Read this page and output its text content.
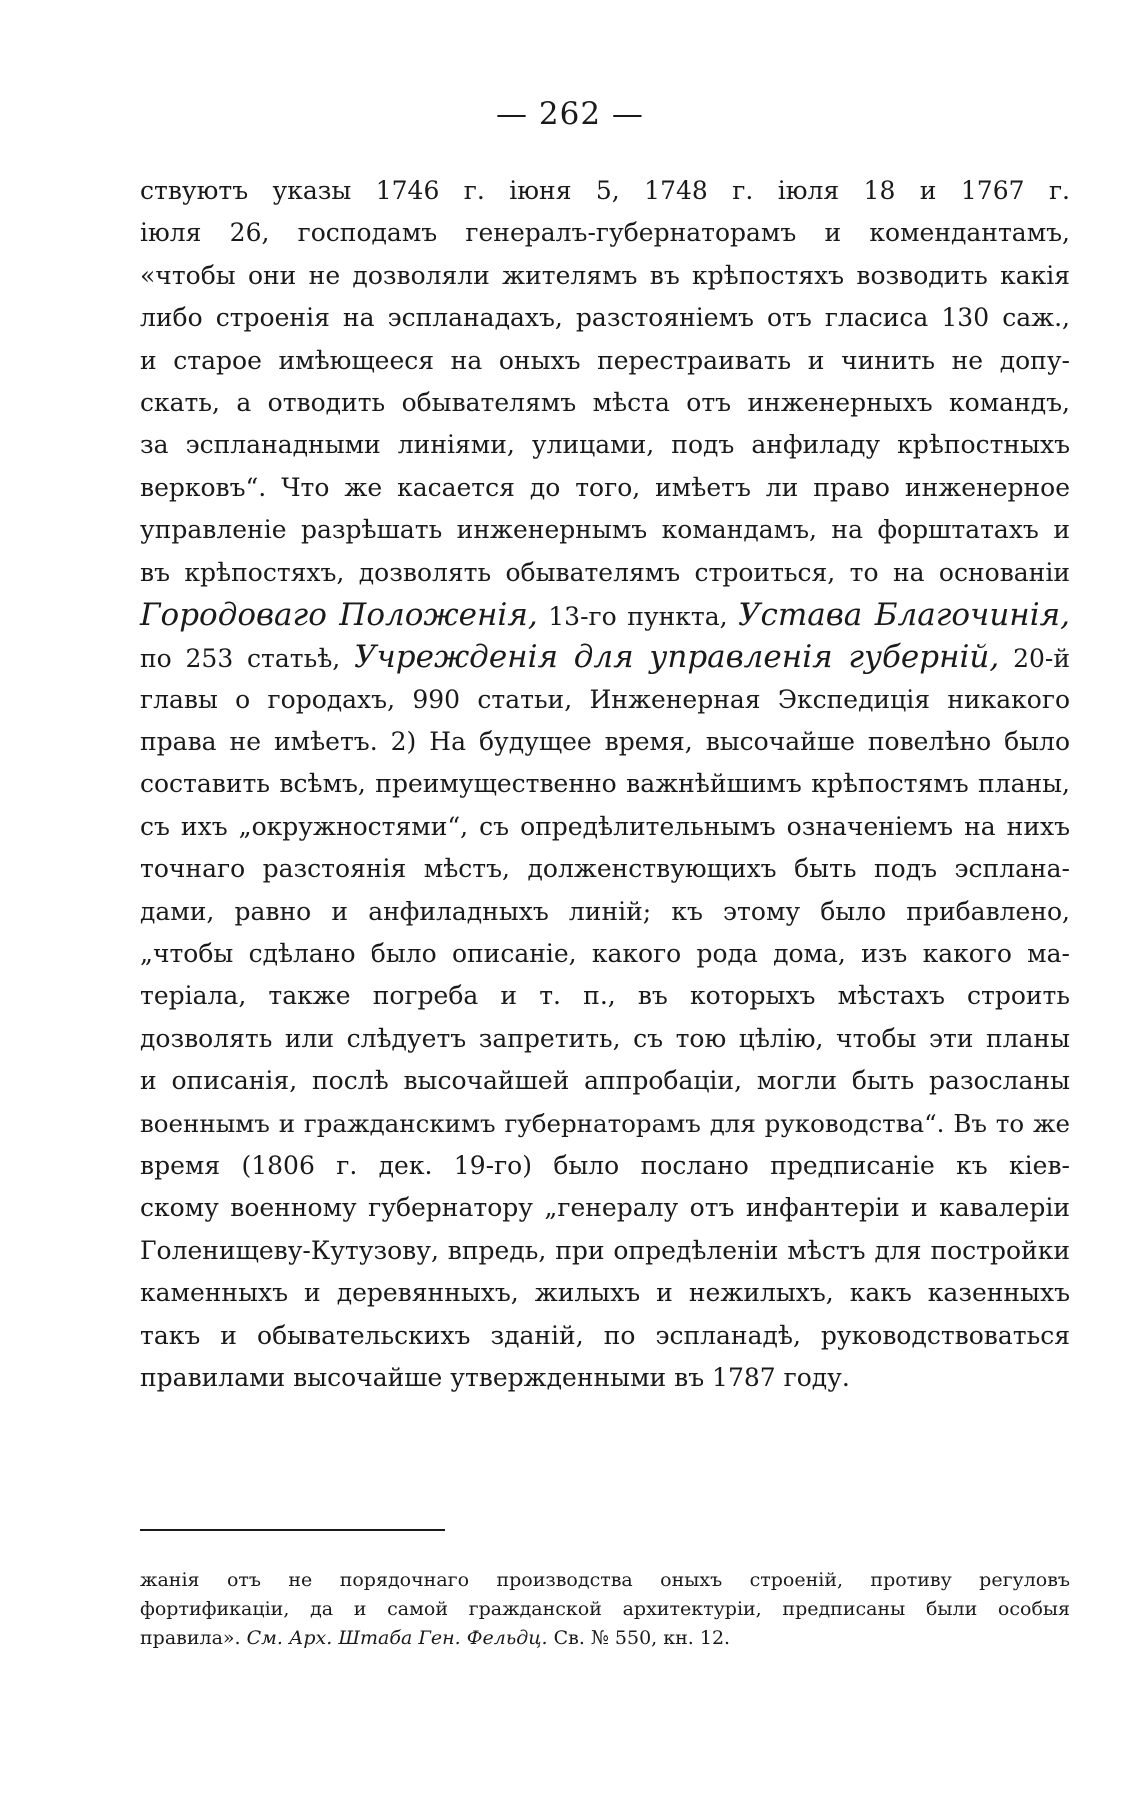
— 262 —
ствуютъ указы 1746 г. іюня 5, 1748 г. іюля 18 и 1767 г.
іюля 26, господамъ генералъ-губернаторамъ и комендантамъ,
«чтобы они не дозволяли жителямъ въ крѣпостяхъ возводить какія
либо строенія на эспланадахъ, разстояніемъ отъ гласиса 130 саж.,
и старое имѣющееся на оныхъ перестраивать и чинить не допу-
скать, а отводить обывателямъ мѣста отъ инженерныхъ командъ,
за эспланадными линіями, улицами, подъ анфиладу крѣпостныхъ
верковъ“. Что же касается до того, имѣетъ ли право инженерное
управленіе разрѣшать инженернымъ командамъ, на форштатахъ и
въ крѣпостяхъ, дозволять обывателямъ строиться, то на основаніи
Городоваго Положенія, 13-го пункта, Устава Благочинія,
по 253 статьѣ, Учрежденія для управленія губерній, 20-й
главы о городахъ, 990 статьи, Инженерная Экспедиція никакого
права не имѣетъ. 2) На будущее время, высочайше повелѣно было
составить всѣмъ, преимущественно важнѣйшимъ крѣпостямъ планы,
съ ихъ „окружностями“, съ опредѣлительнымъ означеніемъ на нихъ
точнаго разстоянія мѣстъ, долженствующихъ быть подъ эспланa-
дами, равно и анфиладныхъ линій; къ этому было прибавлено,
„чтобы сдѣлано было описаніе, какого рода дома, изъ какого ма-
теріала, также погреба и т. п., въ которыхъ мѣстахъ строить
дозволять или слѣдуетъ запретить, съ тою цѣлію, чтобы эти планы
и описанія, послѣ высочайшей аппробаціи, могли быть разосланы
военнымъ и гражданскимъ губернаторамъ для руководства“. Въ то же
время (1806 г. дек. 19-го) было послано предписаніе къ кіев-
скому военному губернатору „генералу отъ инфантеріи и кавалеріи
Голенищеву-Кутузову, впредь, при опредѣленіи мѣстъ для постройки
каменныхъ и деревянныхъ, жилыхъ и нежилыхъ, какъ казенныхъ
такъ и обывательскихъ зданій, по эспланадѣ, руководствоваться
правилами высочайше утвержденными въ 1787 году.
жанія отъ не порядочнаго производства оныхъ строеній, противу регуловъ
фортификаціи, да и самой гражданской архитектуріи, предписаны были особыя
правила». См. Арх. Штаба Ген. Фельдц. Св. № 550, кн. 12.
